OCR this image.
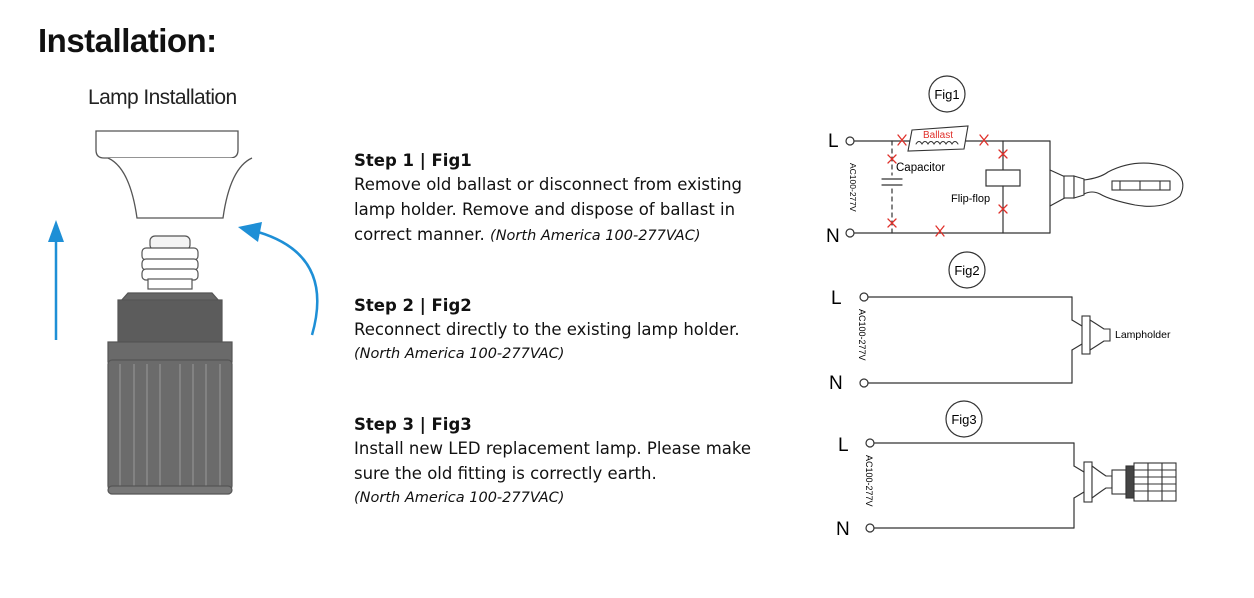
Installation:
Lamp Installation
Step 1 | Fig1
Remove old ballast or disconnect from existing
lamp holder. Remove and dispose of ballast in
correct manner. (North America 100-277VAC)
Step 2 | Fig2
Reconnect directly to the existing lamp holder.
(North America 100-277VAC)
Step 3 | Fig3
Install new LED replacement lamp. Please make
sure the old fitting is correctly earth.
(North America 100-277VAC)
Fig1
L
N
AC100-277V
Ballast
Capacitor
Flip-flop
Fig2
L
N
AC100-277V	Lampholder
Fig3
L
N
AC100-277V
